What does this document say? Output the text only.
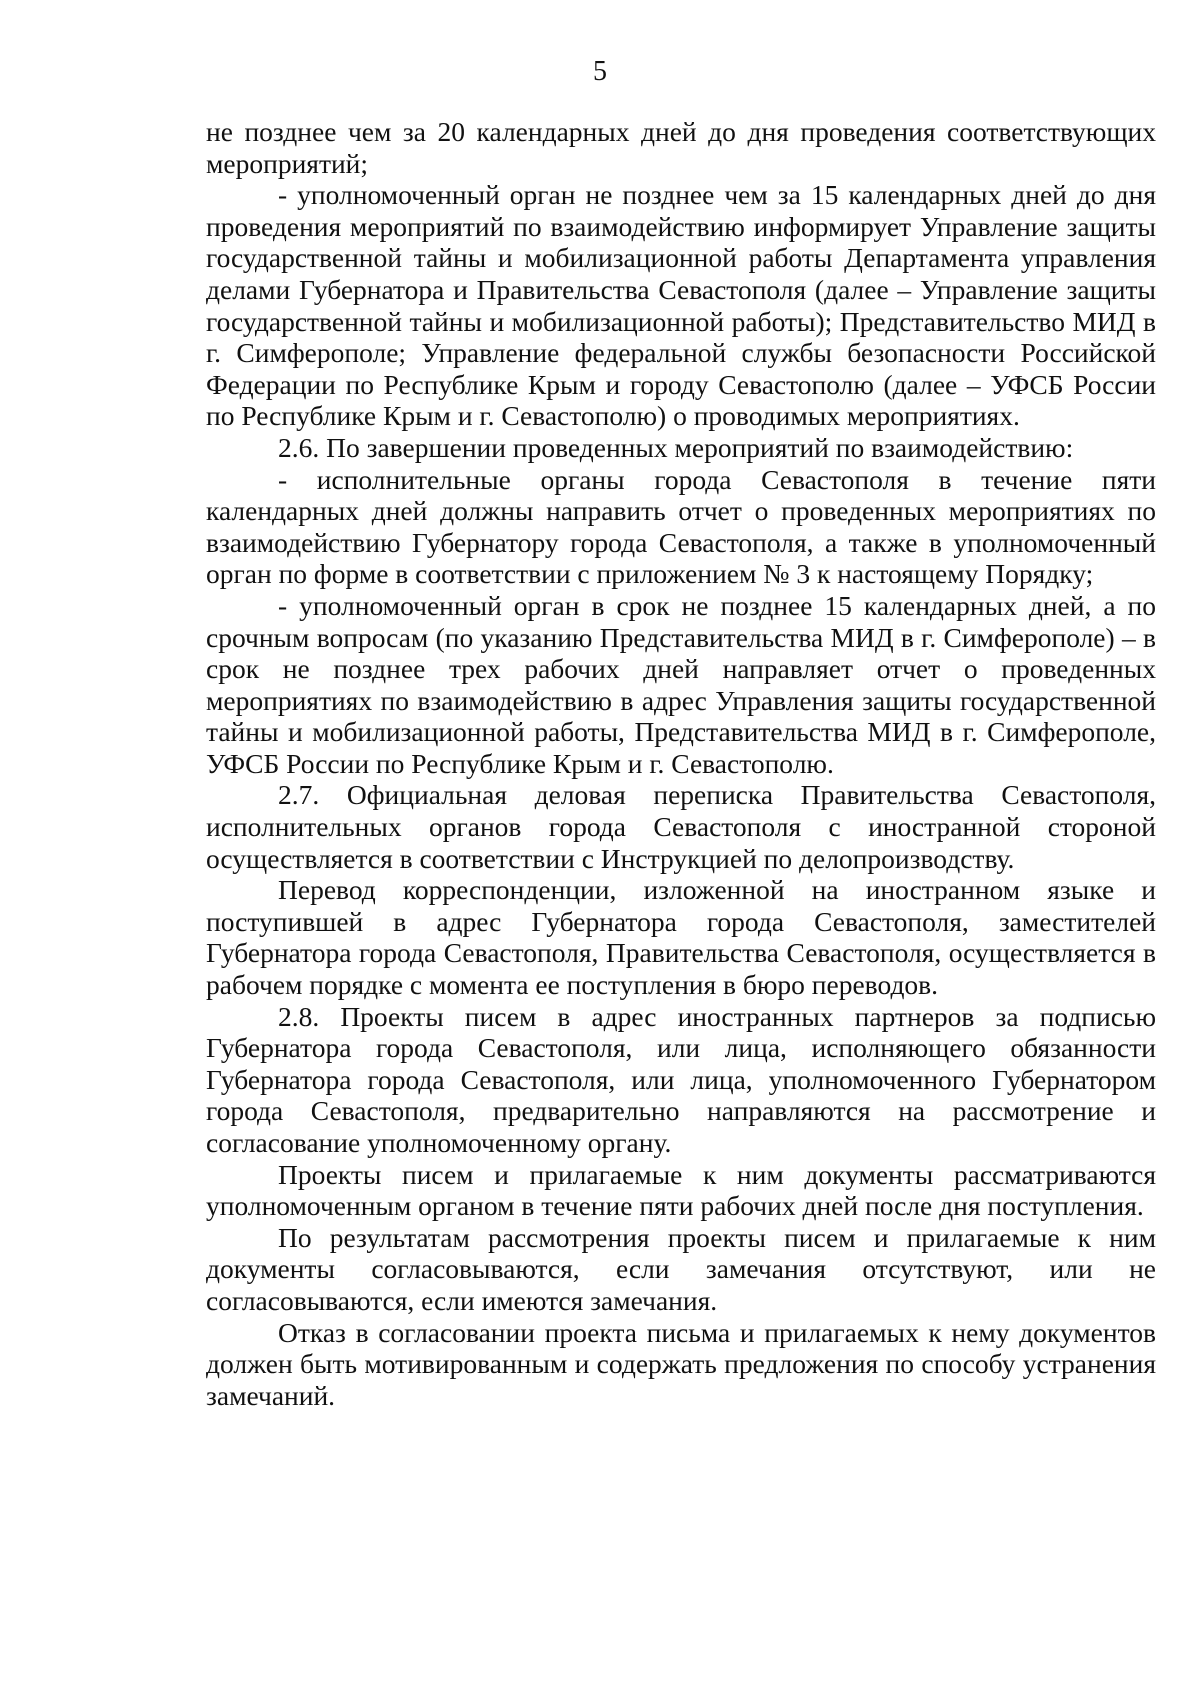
5

не позднее чем за 20 календарных дней до дня проведения соответствующих мероприятий;

- уполномоченный орган не позднее чем за 15 календарных дней до дня проведения мероприятий по взаимодействию информирует Управление защиты государственной тайны и мобилизационной работы Департамента управления делами Губернатора и Правительства Севастополя (далее – Управление защиты государственной тайны и мобилизационной работы); Представительство МИД в г. Симферополе; Управление федеральной службы безопасности Российской Федерации по Республике Крым и городу Севастополю (далее – УФСБ России по Республике Крым и г. Севастополю) о проводимых мероприятиях.

2.6. По завершении проведенных мероприятий по взаимодействию:

- исполнительные органы города Севастополя в течение пяти календарных дней должны направить отчет о проведенных мероприятиях по взаимодействию Губернатору города Севастополя, а также в уполномоченный орган по форме в соответствии с приложением № 3 к настоящему Порядку;

- уполномоченный орган в срок не позднее 15 календарных дней, а по срочным вопросам (по указанию Представительства МИД в г. Симферополе) – в срок не позднее трех рабочих дней направляет отчет о проведенных мероприятиях по взаимодействию в адрес Управления защиты государственной тайны и мобилизационной работы, Представительства МИД в г. Симферополе, УФСБ России по Республике Крым и г. Севастополю.

2.7. Официальная деловая переписка Правительства Севастополя, исполнительных органов города Севастополя с иностранной стороной осуществляется в соответствии с Инструкцией по делопроизводству.

Перевод корреспонденции, изложенной на иностранном языке и поступившей в адрес Губернатора города Севастополя, заместителей Губернатора города Севастополя, Правительства Севастополя, осуществляется в рабочем порядке с момента ее поступления в бюро переводов.

2.8. Проекты писем в адрес иностранных партнеров за подписью Губернатора города Севастополя, или лица, исполняющего обязанности Губернатора города Севастополя, или лица, уполномоченного Губернатором города Севастополя, предварительно направляются на рассмотрение и согласование уполномоченному органу.

Проекты писем и прилагаемые к ним документы рассматриваются уполномоченным органом в течение пяти рабочих дней после дня поступления.

По результатам рассмотрения проекты писем и прилагаемые к ним документы согласовываются, если замечания отсутствуют, или не согласовываются, если имеются замечания.

Отказ в согласовании проекта письма и прилагаемых к нему документов должен быть мотивированным и содержать предложения по способу устранения замечаний.
